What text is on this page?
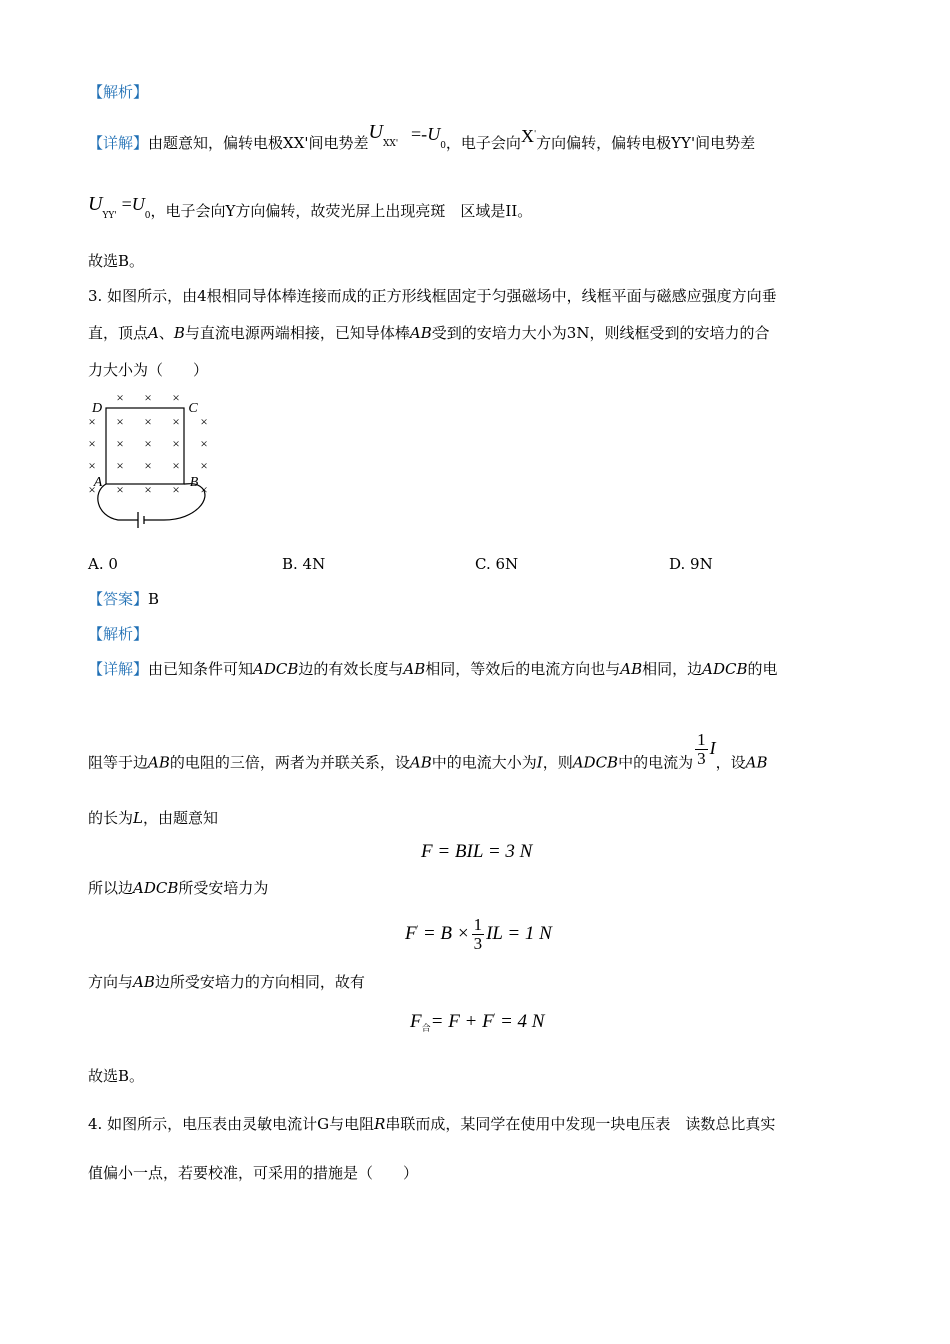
【解析】
【详解】由题意知，偏转电极XX'间电势差$U_{XX'} =-U_0$，电子会向X'方向偏转，偏转电极YY'间电势差
$U_{YY'} =U_0$，电子会向Y方向偏转，故荧光屏上出现亮斑　区域是II。
故选B。
3. 如图所示，由4根相同导体棒连接而成的正方形线框固定于匀强磁场中，线框平面与磁感应强度方向垂
直，顶点A、B与直流电源两端相接，已知导体棒AB受到的安培力大小为3N，则线框受到的安培力的合
力大小为（　　）
× × ×
× × × × ×
× × × × ×
× × × × ×
× × × × ×
D	C
A	B
A. 0	B. 4N	C. 6N	D. 9N
【答案】B
【解析】
【详解】由已知条件可知ADCB边的有效长度与AB相同，等效后的电流方向也与AB相同，边ADCB的电
阻等于边AB的电阻的三倍，两者为并联关系，设AB中的电流大小为I，则ADCB中的电流为 $\frac{1}{3}$ I，设AB
的长为L，由题意知
F = BIL = 3 N
所以边ADCB所受安培力为
$F' = B \times \frac{1}{3}$ IL = 1 N
方向与AB边所受安培力的方向相同，故有
$F_合= F + F' = 4$ N
故选B。
4. 如图所示，电压表由灵敏电流计G与电阻R串联而成，某同学在使用中发现一块电压表　读数总比真实
值偏小一点，若要校准，可采用的措施是（　　）
